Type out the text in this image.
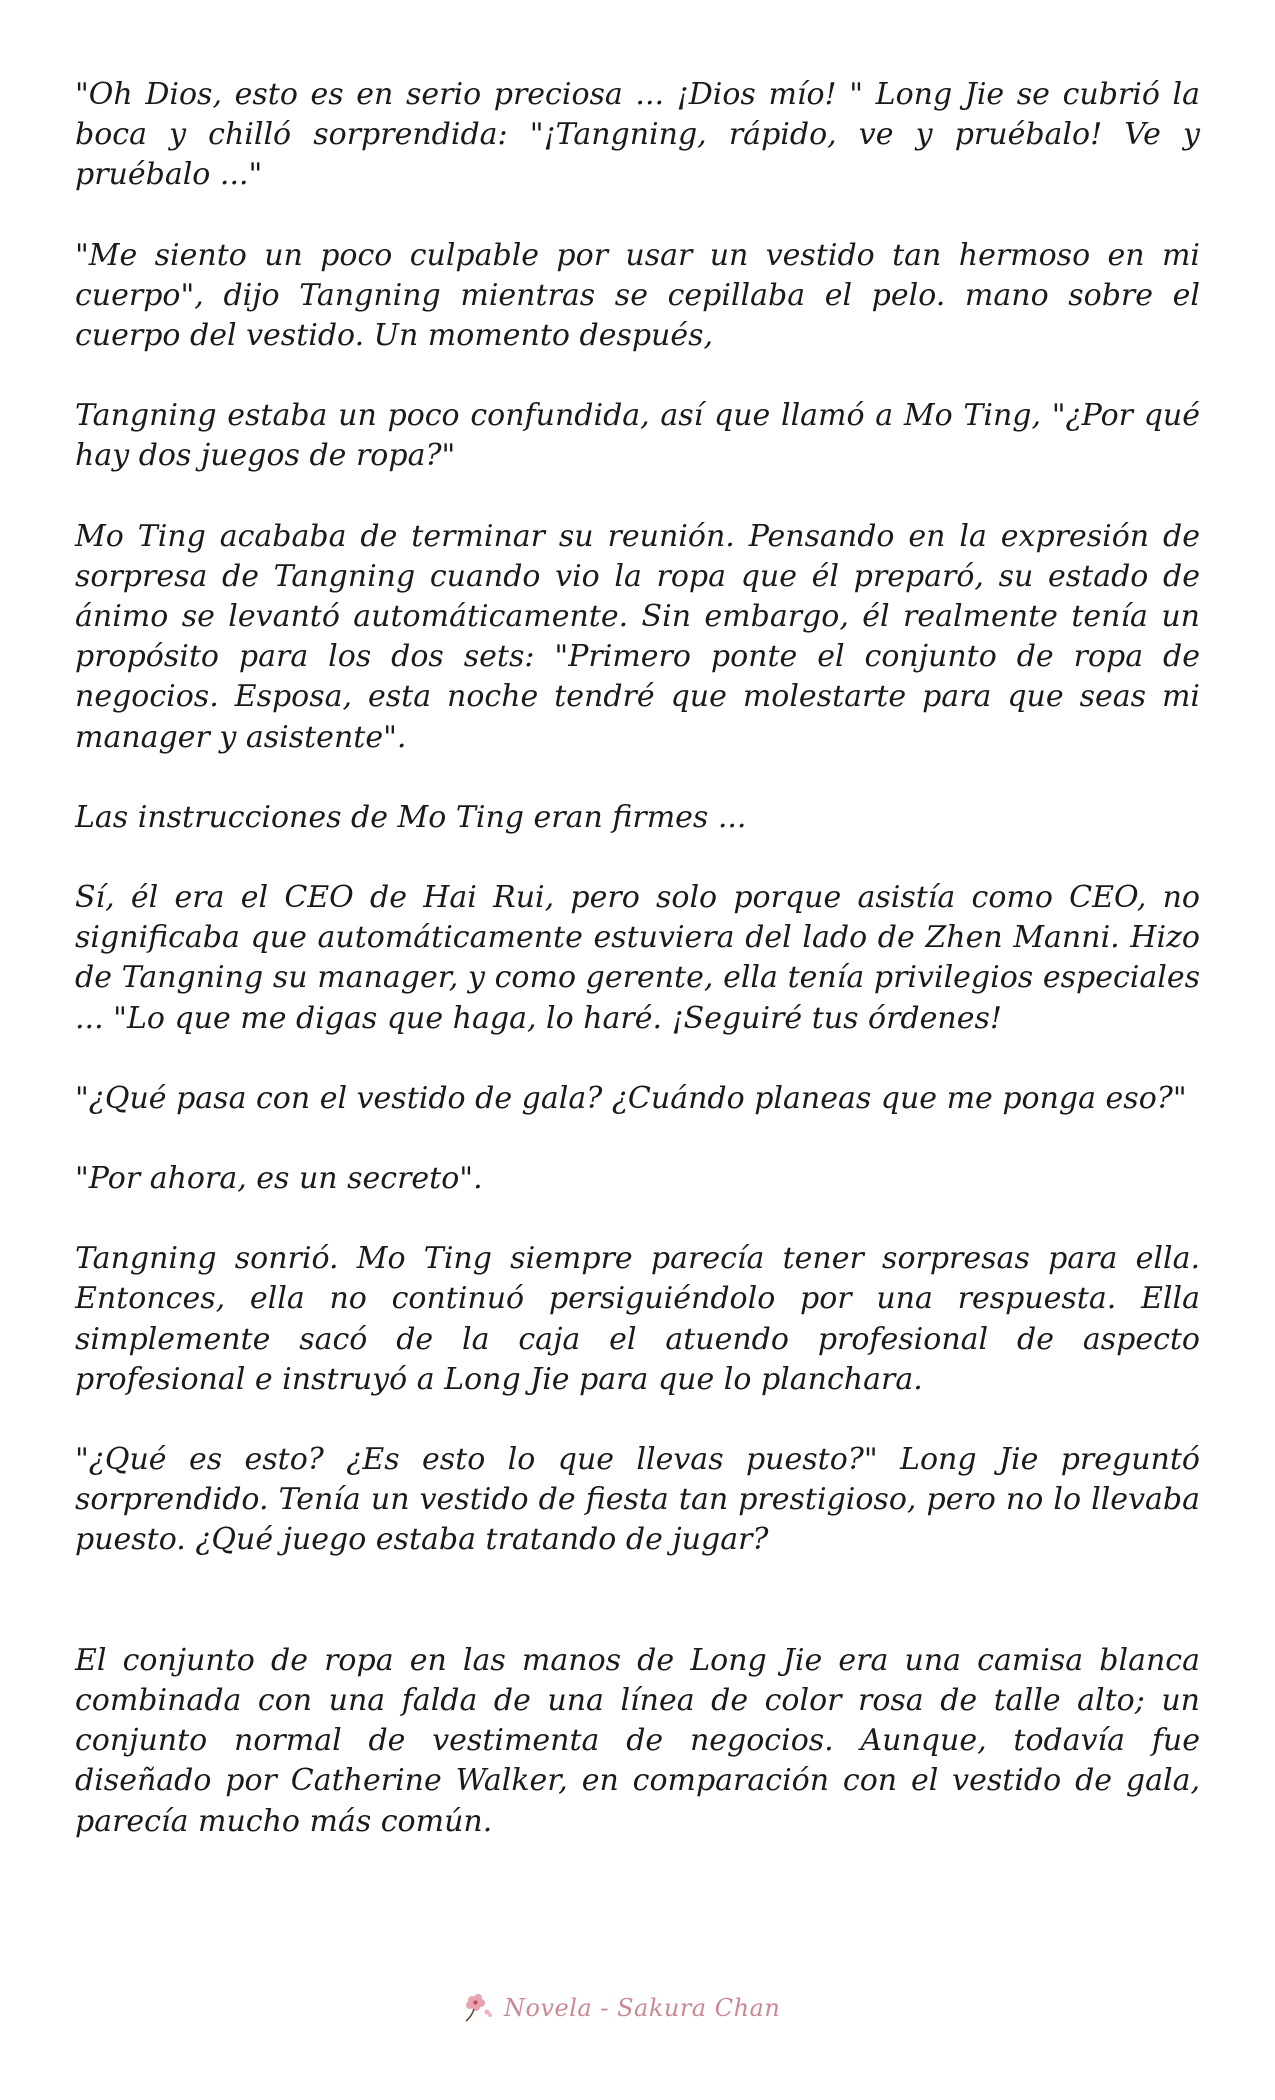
"Oh Dios, esto es en serio preciosa ... ¡Dios mío! " Long Jie se cubrió la boca y chilló sorprendida: "¡Tangning, rápido, ve y pruébalo! Ve y pruébalo ..."

"Me siento un poco culpable por usar un vestido tan hermoso en mi cuerpo", dijo Tangning mientras se cepillaba el pelo. mano sobre el cuerpo del vestido. Un momento después,

Tangning estaba un poco confundida, así que llamó a Mo Ting, "¿Por qué hay dos juegos de ropa?"

Mo Ting acababa de terminar su reunión. Pensando en la expresión de sorpresa de Tangning cuando vio la ropa que él preparó, su estado de ánimo se levantó automáticamente. Sin embargo, él realmente tenía un propósito para los dos sets: "Primero ponte el conjunto de ropa de negocios. Esposa, esta noche tendré que molestarte para que seas mi manager y asistente".

Las instrucciones de Mo Ting eran firmes ...

Sí, él era el CEO de Hai Rui, pero solo porque asistía como CEO, no significaba que automáticamente estuviera del lado de Zhen Manni. Hizo de Tangning su manager, y como gerente, ella tenía privilegios especiales ... "Lo que me digas que haga, lo haré. ¡Seguiré tus órdenes!

"¿Qué pasa con el vestido de gala? ¿Cuándo planeas que me ponga eso?"

"Por ahora, es un secreto".

Tangning sonrió. Mo Ting siempre parecía tener sorpresas para ella. Entonces, ella no continuó persiguiéndolo por una respuesta. Ella simplemente sacó de la caja el atuendo profesional de aspecto profesional e instruyó a Long Jie para que lo planchara.

"¿Qué es esto? ¿Es esto lo que llevas puesto?" Long Jie preguntó sorprendido. Tenía un vestido de fiesta tan prestigioso, pero no lo llevaba puesto. ¿Qué juego estaba tratando de jugar?

El conjunto de ropa en las manos de Long Jie era una camisa blanca combinada con una falda de una línea de color rosa de talle alto; un conjunto normal de vestimenta de negocios. Aunque, todavía fue diseñado por Catherine Walker, en comparación con el vestido de gala, parecía mucho más común.

Novela - Sakura Chan
